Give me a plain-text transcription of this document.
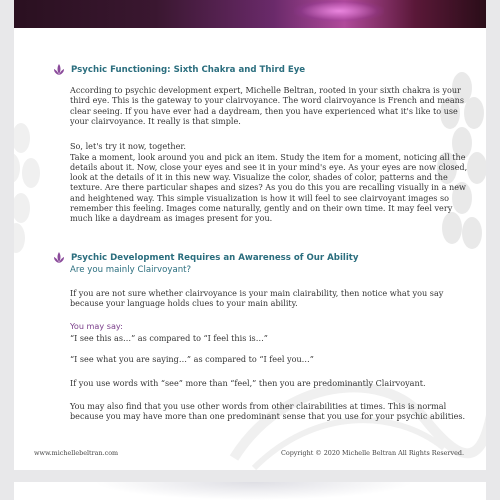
Psychic Functioning: Sixth Chakra and Third Eye

According to psychic development expert, Michelle Beltran, rooted in your sixth chakra is your third eye. This is the gateway to your clairvoyance. The word clairvoyance is French and means clear seeing. If you have ever had a daydream, then you have experienced what it's like to use your clairvoyance. It really is that simple.

So, let's try it now, together.

Take a moment, look around you and pick an item. Study the item for a moment, noticing all the details about it. Now, close your eyes and see it in your mind's eye. As your eyes are now closed, look at the details of it in this new way. Visualize the color, shades of color, patterns and the texture. Are there particular shapes and sizes? As you do this you are recalling visually in a new and heightened way. This simple visualization is how it will feel to see clairvoyant images so remember this feeling. Images come naturally, gently and on their own time. It may feel very much like a daydream as images present for you.

Psychic Development Requires an Awareness of Our Ability
Are you mainly Clairvoyant?

If you are not sure whether clairvoyance is your main clairability, then notice what you say because your language holds clues to your main ability.

You may say:

“I see this as…” as compared to “I feel this is…”

“I see what you are saying…” as compared to “I feel you…”

If you use words with “see” more than “feel,” then you are predominantly Clairvoyant.

You may also find that you use other words from other clairabilities at times. This is normal because you may have more than one predominant sense that you use for your psychic abilities.

www.michellebeltran.com	Copyright © 2020 Michelle Beltran All Rights Reserved.
